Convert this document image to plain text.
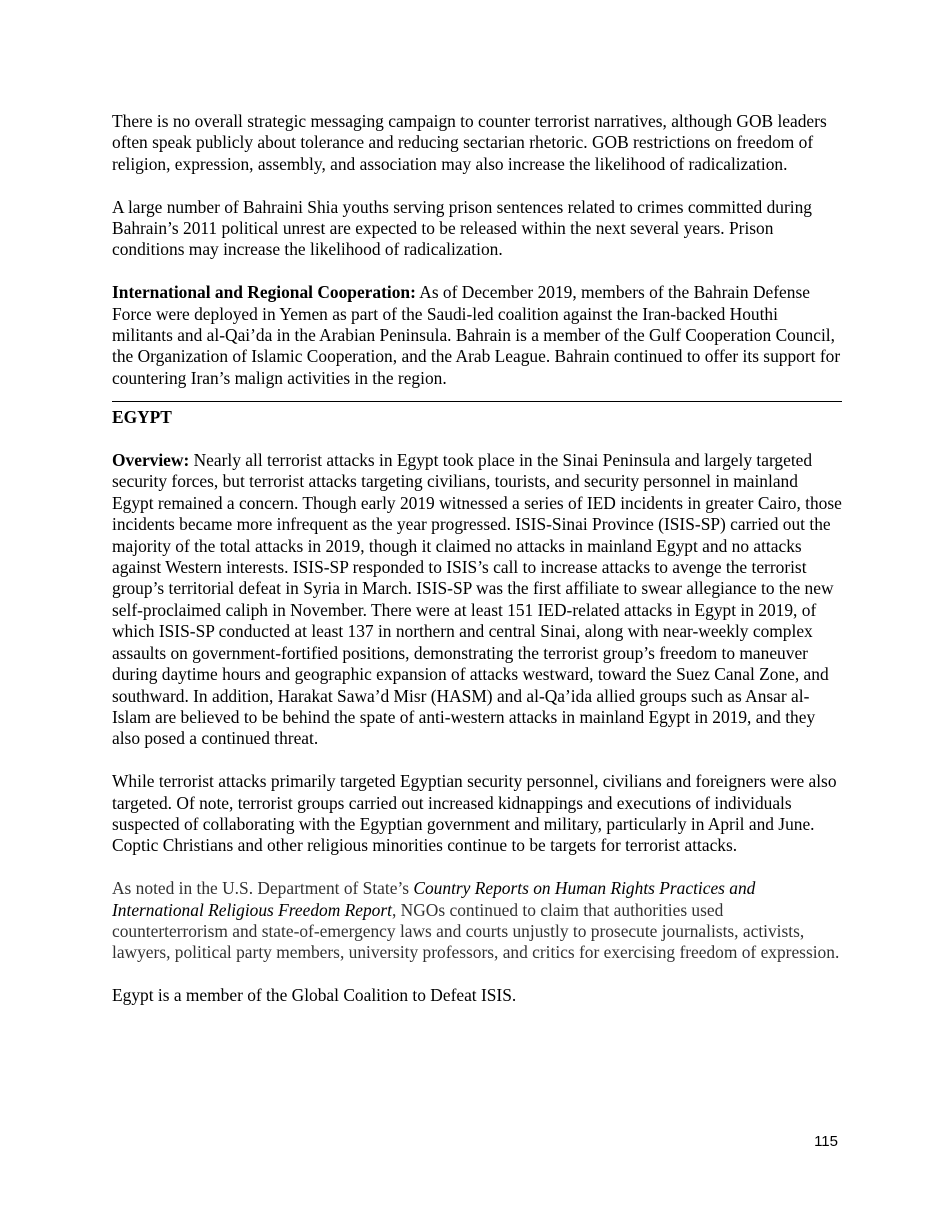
There is no overall strategic messaging campaign to counter terrorist narratives, although GOB leaders often speak publicly about tolerance and reducing sectarian rhetoric. GOB restrictions on freedom of religion, expression, assembly, and association may also increase the likelihood of radicalization.

A large number of Bahraini Shia youths serving prison sentences related to crimes committed during Bahrain’s 2011 political unrest are expected to be released within the next several years. Prison conditions may increase the likelihood of radicalization.

International and Regional Cooperation: As of December 2019, members of the Bahrain Defense Force were deployed in Yemen as part of the Saudi-led coalition against the Iran-backed Houthi militants and al-Qai’da in the Arabian Peninsula. Bahrain is a member of the Gulf Cooperation Council, the Organization of Islamic Cooperation, and the Arab League. Bahrain continued to offer its support for countering Iran’s malign activities in the region.

EGYPT

Overview: Nearly all terrorist attacks in Egypt took place in the Sinai Peninsula and largely targeted security forces, but terrorist attacks targeting civilians, tourists, and security personnel in mainland Egypt remained a concern. Though early 2019 witnessed a series of IED incidents in greater Cairo, those incidents became more infrequent as the year progressed. ISIS-Sinai Province (ISIS-SP) carried out the majority of the total attacks in 2019, though it claimed no attacks in mainland Egypt and no attacks against Western interests. ISIS-SP responded to ISIS’s call to increase attacks to avenge the terrorist group’s territorial defeat in Syria in March. ISIS-SP was the first affiliate to swear allegiance to the new self-proclaimed caliph in November. There were at least 151 IED-related attacks in Egypt in 2019, of which ISIS-SP conducted at least 137 in northern and central Sinai, along with near-weekly complex assaults on government-fortified positions, demonstrating the terrorist group’s freedom to maneuver during daytime hours and geographic expansion of attacks westward, toward the Suez Canal Zone, and southward. In addition, Harakat Sawa’d Misr (HASM) and al-Qa’ida allied groups such as Ansar al-Islam are believed to be behind the spate of anti-western attacks in mainland Egypt in 2019, and they also posed a continued threat.

While terrorist attacks primarily targeted Egyptian security personnel, civilians and foreigners were also targeted. Of note, terrorist groups carried out increased kidnappings and executions of individuals suspected of collaborating with the Egyptian government and military, particularly in April and June. Coptic Christians and other religious minorities continue to be targets for terrorist attacks.

As noted in the U.S. Department of State’s Country Reports on Human Rights Practices and International Religious Freedom Report, NGOs continued to claim that authorities used counterterrorism and state-of-emergency laws and courts unjustly to prosecute journalists, activists, lawyers, political party members, university professors, and critics for exercising freedom of expression.

Egypt is a member of the Global Coalition to Defeat ISIS.

115
